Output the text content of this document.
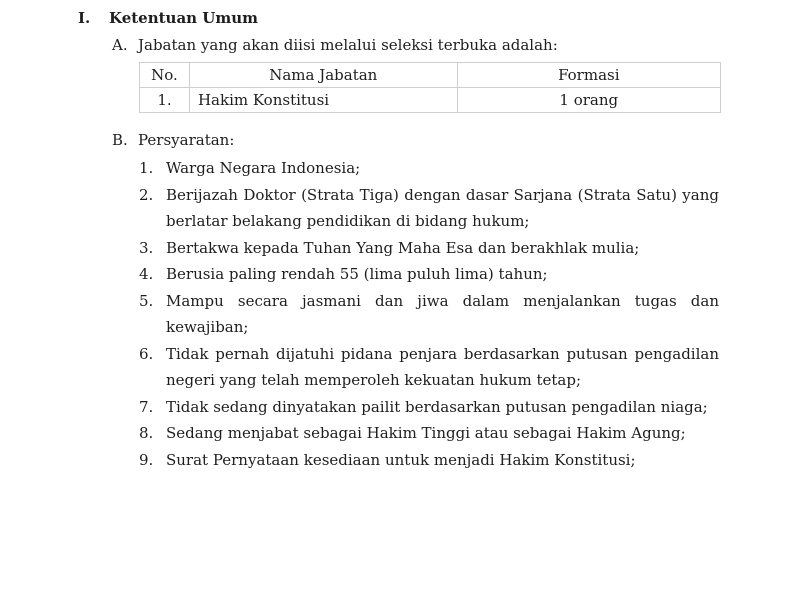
I. Ketentuan Umum
A. Jabatan yang akan diisi melalui seleksi terbuka adalah:
No.	Nama Jabatan	Formasi
1.	Hakim Konstitusi	1 orang
B. Persyaratan:
1. Warga Negara Indonesia;
2. Berijazah Doktor (Strata Tiga) dengan dasar Sarjana (Strata Satu) yang berlatar belakang pendidikan di bidang hukum;
3. Bertakwa kepada Tuhan Yang Maha Esa dan berakhlak mulia;
4. Berusia paling rendah 55 (lima puluh lima) tahun;
5. Mampu secara jasmani dan jiwa dalam menjalankan tugas dan kewajiban;
6. Tidak pernah dijatuhi pidana penjara berdasarkan putusan pengadilan negeri yang telah memperoleh kekuatan hukum tetap;
7. Tidak sedang dinyatakan pailit berdasarkan putusan pengadilan niaga;
8. Sedang menjabat sebagai Hakim Tinggi atau sebagai Hakim Agung;
9. Surat Pernyataan kesediaan untuk menjadi Hakim Konstitusi;
